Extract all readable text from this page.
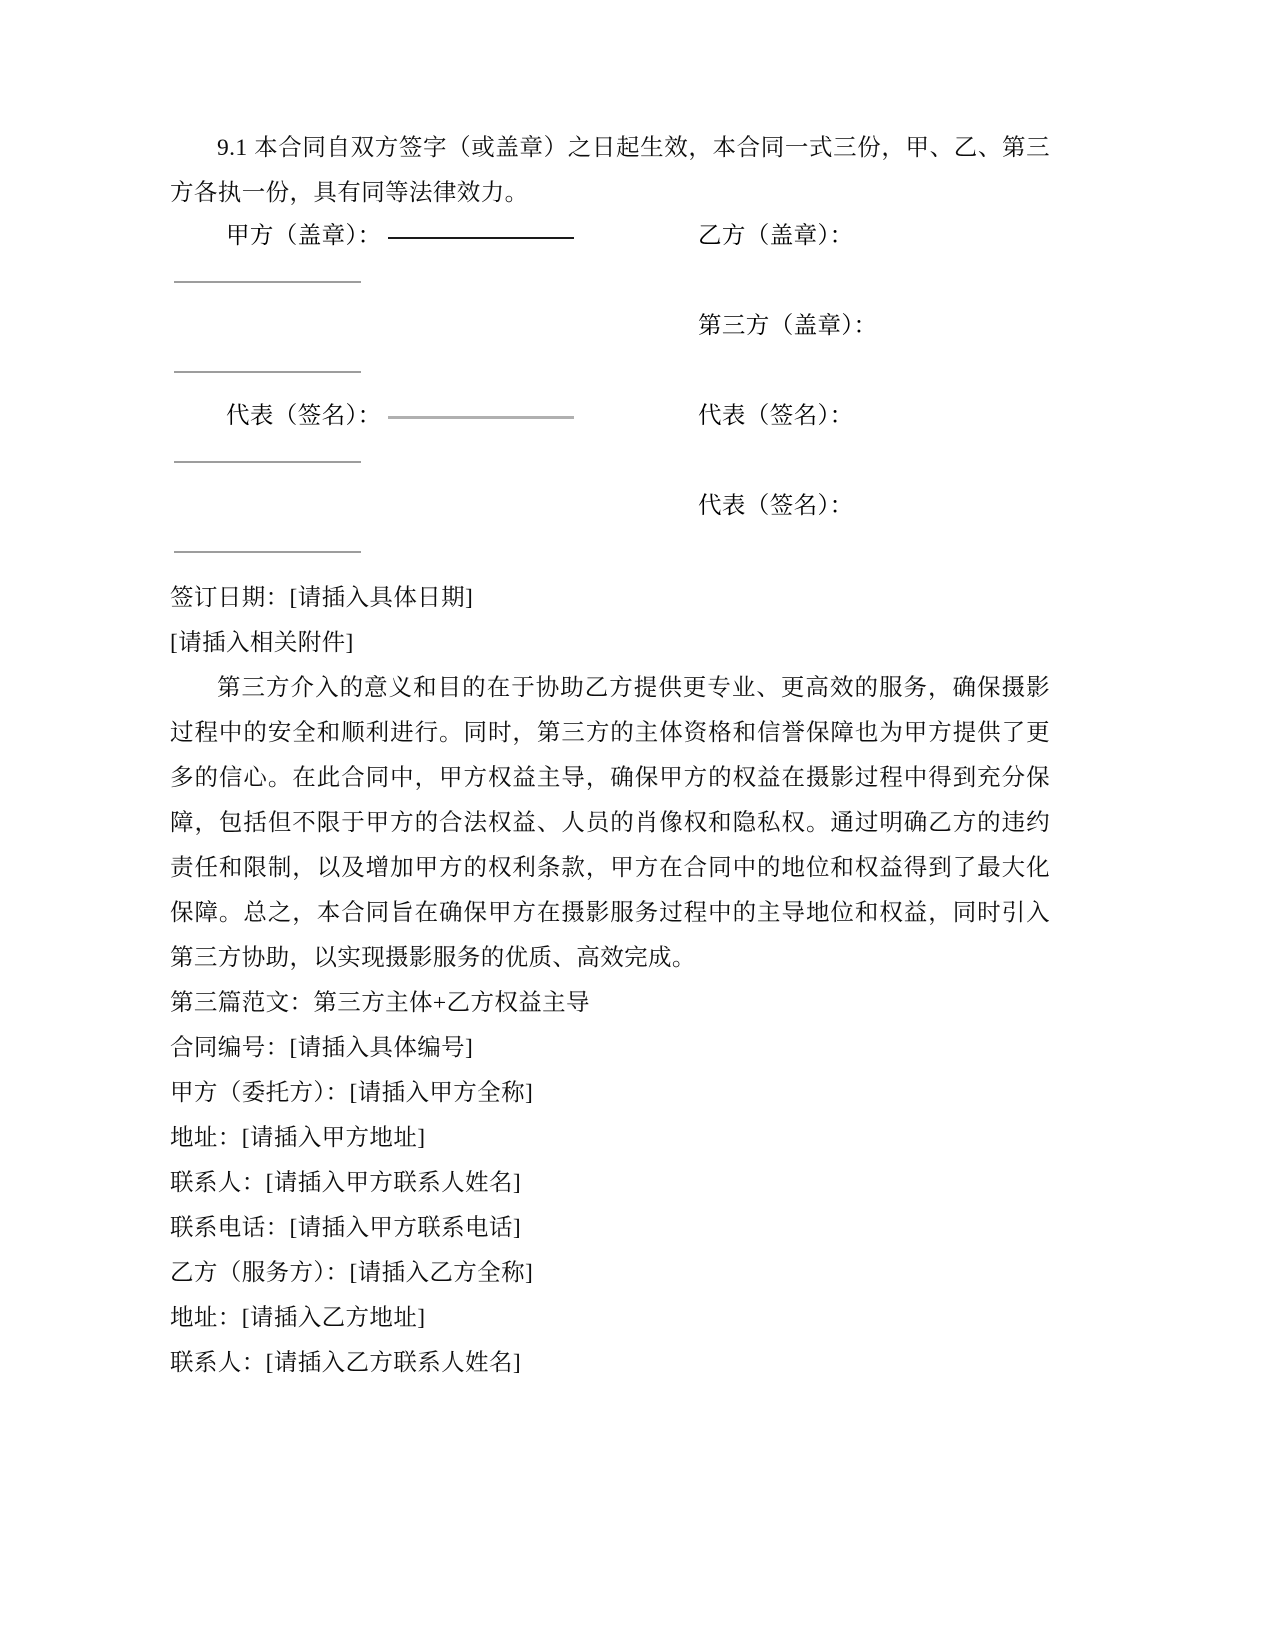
9.1 本合同自双方签字（或盖章）之日起生效，本合同一式三份，甲、乙、第三方各执一份，具有同等法律效力。

甲方（盖章）：	乙方（盖章）：
第三方（盖章）：
代表（签名）：	代表（签名）：
代表（签名）：

签订日期：[请插入具体日期]

[请插入相关附件]

第三方介入的意义和目的在于协助乙方提供更专业、更高效的服务，确保摄影过程中的安全和顺利进行。同时，第三方的主体资格和信誉保障也为甲方提供了更多的信心。在此合同中，甲方权益主导，确保甲方的权益在摄影过程中得到充分保障，包括但不限于甲方的合法权益、人员的肖像权和隐私权。通过明确乙方的违约责任和限制，以及增加甲方的权利条款，甲方在合同中的地位和权益得到了最大化保障。总之，本合同旨在确保甲方在摄影服务过程中的主导地位和权益，同时引入第三方协助，以实现摄影服务的优质、高效完成。

第三篇范文：第三方主体+乙方权益主导

合同编号：[请插入具体编号]

甲方（委托方）：[请插入甲方全称]

地址：[请插入甲方地址]

联系人：[请插入甲方联系人姓名]

联系电话：[请插入甲方联系电话]

乙方（服务方）：[请插入乙方全称]

地址：[请插入乙方地址]

联系人：[请插入乙方联系人姓名]
